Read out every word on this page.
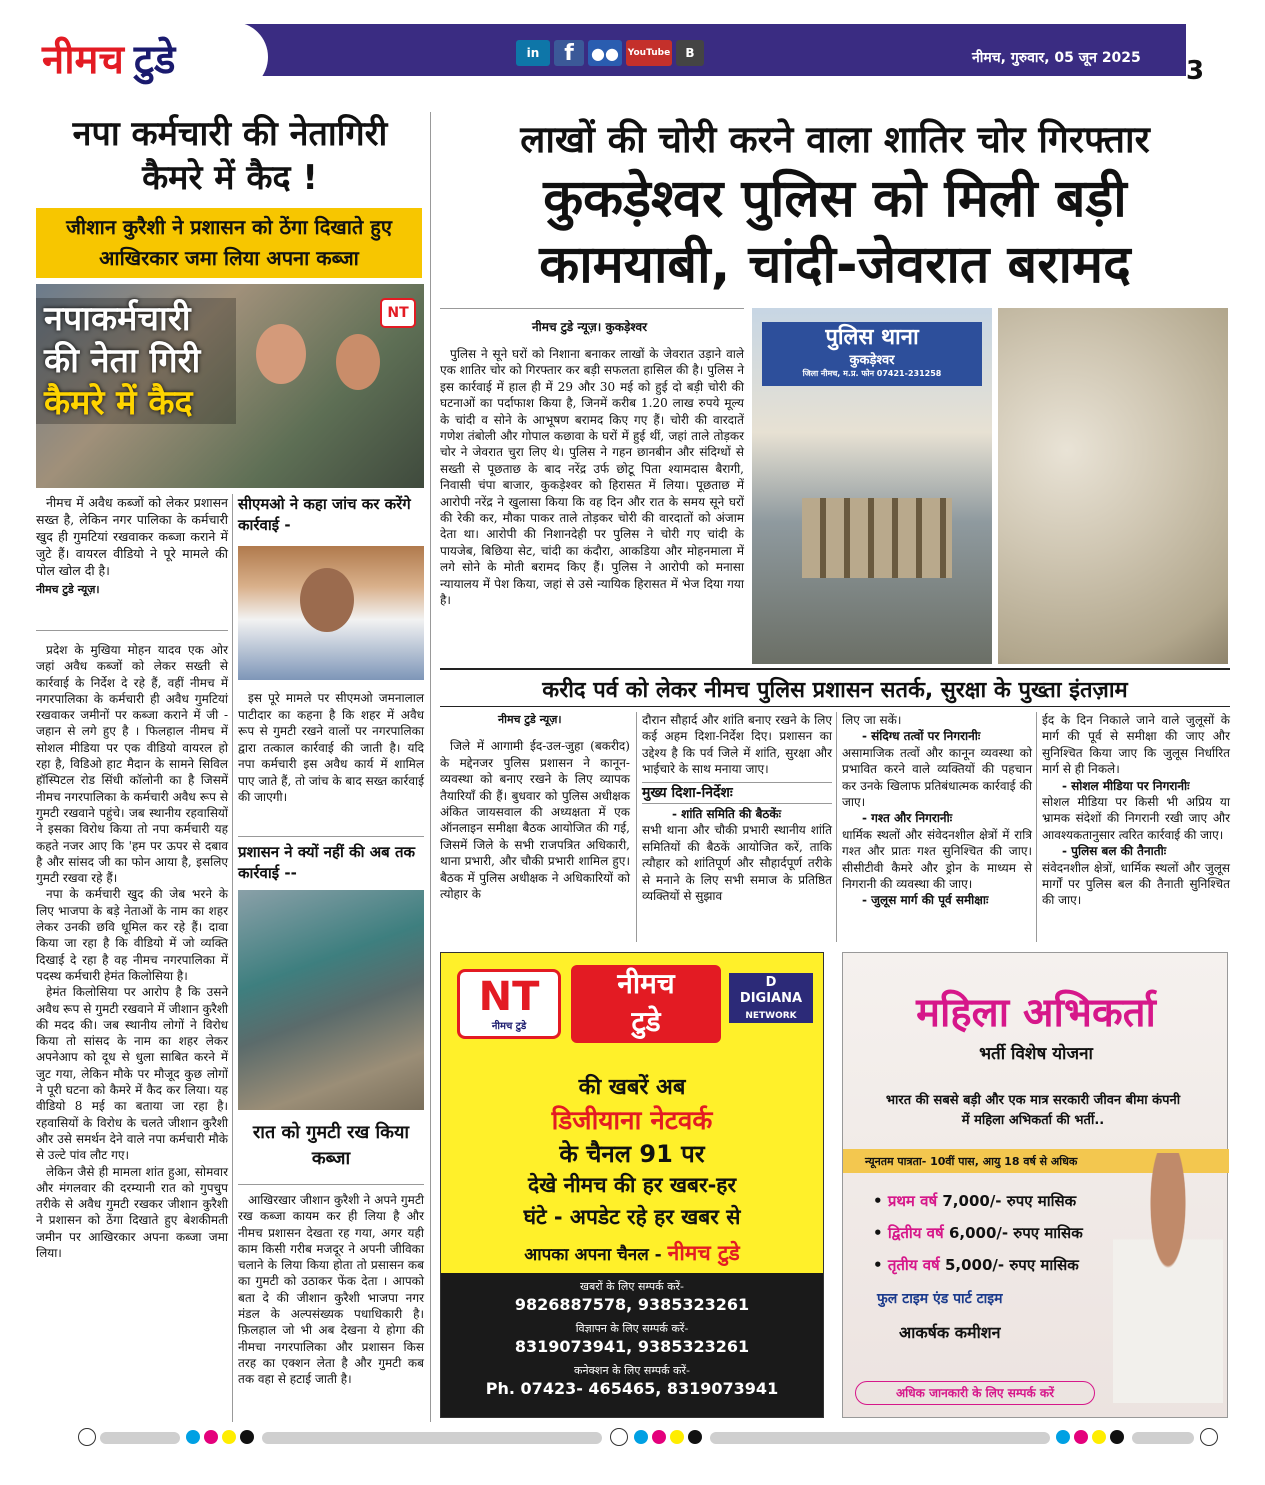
नीमच टुडे	in	f	●● YouTube	B	नीमच, गुरुवार, 05 जून 2025 3
नपा कर्मचारी की नेतागिरी कैमरे में कैद !
जीशान कुरैशी ने प्रशासन को ठेंगा दिखाते हुए आखिरकार जमा लिया अपना कब्जा
नपाकर्मचारी की नेता गिरी
कैमरे में कैद
NT

नीमच में अवैध कब्जों को लेकर प्रशासन सख्त है, लेकिन नगर पालिका के कर्मचारी खुद ही गुमटियां रखवाकर कब्जा कराने में जुटे हैं। वायरल वीडियो ने पूरे मामले की पोल खोल दी है।

नीमच टुडे न्यूज़।

प्रदेश के मुखिया मोहन यादव एक ओर जहां अवैध कब्जों को लेकर सख्ती से कार्रवाई के निर्देश दे रहे हैं, वहीं नीमच में नगरपालिका के कर्मचारी ही अवैध गुमटियां रखवाकर जमीनों पर कब्जा कराने में जी - जहान से लगे हुए है । फिलहाल नीमच में सोशल मीडिया पर एक वीडियो वायरल हो रहा है, विडिओ हाट मैदान के सामने सिविल हॉस्पिटल रोड सिंधी कॉलोनी का है जिसमें नीमच नगरपालिका के कर्मचारी अवैध रूप से गुमटी रखवाने पहुंचे। जब स्थानीय रहवासियों ने इसका विरोध किया तो नपा कर्मचारी यह कहते नजर आए कि 'हम पर ऊपर से दबाव है और सांसद जी का फोन आया है, इसलिए गुमटी रखवा रहे हैं।

नपा के कर्मचारी खुद की जेब भरने के लिए भाजपा के बड़े नेताओं के नाम का शहर लेकर उनकी छवि धूमिल कर रहे हैं। दावा किया जा रहा है कि वीडियो में जो व्यक्ति दिखाई दे रहा है वह नीमच नगरपालिका में पदस्थ कर्मचारी हेमंत किलोसिया है।

हेमंत किलोसिया पर आरोप है कि उसने अवैध रूप से गुमटी रखवाने में जीशान कुरैशी की मदद की। जब स्थानीय लोगों ने विरोध किया तो सांसद के नाम का शहर लेकर अपनेआप को दूध से धुला साबित करने में जुट गया, लेकिन मौके पर मौजूद कुछ लोगों ने पूरी घटना को कैमरे में कैद कर लिया। यह वीडियो 8 मई का बताया जा रहा है। रहवासियों के विरोध के चलते जीशान कुरैशी और उसे समर्थन देने वाले नपा कर्मचारी मौके से उल्टे पांव लौट गए।

लेकिन जैसे ही मामला शांत हुआ, सोमवार और मंगलवार की दरम्यानी रात को गुपचुप तरीके से अवैध गुमटी रखकर जीशान कुरैशी ने प्रशासन को ठेंगा दिखाते हुए बेशकीमती जमीन पर आखिरकार अपना कब्जा जमा लिया।

सीएमओ ने कहा जांच कर करेंगे कार्रवाई -

इस पूरे मामले पर सीएमओ जमनालाल पाटीदार का कहना है कि शहर में अवैध रूप से गुमटी रखने वालों पर नगरपालिका द्वारा तत्काल कार्रवाई की जाती है। यदि नपा कर्मचारी इस अवैध कार्य में शामिल पाए जाते हैं, तो जांच के बाद सख्त कार्रवाई की जाएगी।

प्रशासन ने क्यों नहीं की अब तक कार्रवाई --
रात को गुमटी रख किया कब्जा

आखिरखार जीशान कुरैशी ने अपने गुमटी रख कब्जा कायम कर ही लिया है और नीमच प्रशासन देखता रह गया, अगर यही काम किसी गरीब मजदूर ने अपनी जीविका चलाने के लिया किया होता तो प्रसासन कब का गुमटी को उठाकर फेंक देता । आपको बता दे की जीशान कुरैशी भाजपा नगर मंडल के अल्पसंख्यक पधाधिकारी है। फ़िलहाल जो भी अब देखना ये होगा की नीमचा नगरपालिका और प्रशासन किस तरह का एक्शन लेता है और गुमटी कब तक वहा से हटाई जाती है।

लाखों की चोरी करने वाला शातिर चोर गिरफ्तार
कुकड़ेश्वर पुलिस को मिली बड़ी कामयाबी, चांदी-जेवरात बरामद
नीमच टुडे न्यूज़। कुकड़ेश्वर

पुलिस ने सूने घरों को निशाना बनाकर लाखों के जेवरात उड़ाने वाले एक शातिर चोर को गिरफ्तार कर बड़ी सफलता हासिल की है। पुलिस ने इस कार्रवाई में हाल ही में 29 और 30 मई को हुई दो बड़ी चोरी की घटनाओं का पर्दाफाश किया है, जिनमें करीब 1.20 लाख रुपये मूल्य के चांदी व सोने के आभूषण बरामद किए गए हैं। चोरी की वारदातें गणेश तंबोली और गोपाल कछावा के घरों में हुई थीं, जहां ताले तोड़कर चोर ने जेवरात चुरा लिए थे। पुलिस ने गहन छानबीन और संदिग्धों से सख्ती से पूछताछ के बाद नरेंद्र उर्फ छोटू पिता श्यामदास बैरागी, निवासी चंपा बाजार, कुकड़ेश्वर को हिरासत में लिया। पूछताछ में आरोपी नरेंद्र ने खुलासा किया कि वह दिन और रात के समय सूने घरों की रेकी कर, मौका पाकर ताले तोड़कर चोरी की वारदातों को अंजाम देता था। आरोपी की निशानदेही पर पुलिस ने चोरी गए चांदी के पायजेब, बिछिया सेट, चांदी का कंदौरा, आकडिया और मोहनमाला में लगे सोने के मोती बरामद किए हैं। पुलिस ने आरोपी को मनासा न्यायालय में पेश किया, जहां से उसे न्यायिक हिरासत में भेज दिया गया है।

पुलिस थाना
कुकड़ेश्वर
जिला नीमच, म.प्र. फोन 07421-231258
करीद पर्व को लेकर नीमच पुलिस प्रशासन सतर्क, सुरक्षा के पुख्ता इंतज़ाम
नीमच टुडे न्यूज़।

जिले में आगामी ईद-उल-जुहा (बकरीद) के मद्देनजर पुलिस प्रशासन ने कानून-व्यवस्था को बनाए रखने के लिए व्यापक तैयारियाँ की हैं। बुधवार को पुलिस अधीक्षक अंकित जायसवाल की अध्यक्षता में एक ऑनलाइन समीक्षा बैठक आयोजित की गई, जिसमें जिले के सभी राजपत्रित अधिकारी, थाना प्रभारी, और चौकी प्रभारी शामिल हुए। बैठक में पुलिस अधीक्षक ने अधिकारियों को त्योहार के

दौरान सौहार्द और शांति बनाए रखने के लिए कई अहम दिशा-निर्देश दिए। प्रशासन का उद्देश्य है कि पर्व जिले में शांति, सुरक्षा और भाईचारे के साथ मनाया जाए।

मुख्य दिशा-निर्देशः
- शांति समिति की बैठकेंः

सभी थाना और चौकी प्रभारी स्थानीय शांति समितियों की बैठकें आयोजित करें, ताकि त्यौहार को शांतिपूर्ण और सौहार्दपूर्ण तरीके से मनाने के लिए सभी समाज के प्रतिष्ठित व्यक्तियों से सुझाव

लिए जा सकें।

- संदिग्ध तत्वों पर निगरानीः

असामाजिक तत्वों और कानून व्यवस्था को प्रभावित करने वाले व्यक्तियों की पहचान कर उनके खिलाफ प्रतिबंधात्मक कार्रवाई की जाए।

- गश्त और निगरानीः

धार्मिक स्थलों और संवेदनशील क्षेत्रों में रात्रि गश्त और प्रातः गश्त सुनिश्चित की जाए। सीसीटीवी कैमरे और ड्रोन के माध्यम से निगरानी की व्यवस्था की जाए।

- जुलूस मार्ग की पूर्व समीक्षाः

ईद के दिन निकाले जाने वाले जुलूसों के मार्ग की पूर्व से समीक्षा की जाए और सुनिश्चित किया जाए कि जुलूस निर्धारित मार्ग से ही निकले।

- सोशल मीडिया पर निगरानीः

सोशल मीडिया पर किसी भी अप्रिय या भ्रामक संदेशों की निगरानी रखी जाए और आवश्यकतानुसार त्वरित कार्रवाई की जाए।

- पुलिस बल की तैनातीः

संवेदनशील क्षेत्रों, धार्मिक स्थलों और जुलूस मार्गों पर पुलिस बल की तैनाती सुनिश्चित की जाए।

NT
नीमच टुडे
नीमच
टुडे
D
DIGIANA
NETWORK
की खबरें अब
डिजीयाना नेटवर्क
के चैनल 91 पर
देखे नीमच की हर खबर-हर
घंटे - अपडेट रहे हर खबर से
आपका अपना चैनल - नीमच टुडे
खबरों के लिए सम्पर्क करें-
9826887578, 9385323261
विज्ञापन के लिए सम्पर्क करें-
8319073941, 9385323261
कनेक्शन के लिए सम्पर्क करें-
Ph. 07423- 465465, 8319073941
महिला अभिकर्ता
भर्ती विशेष योजना
भारत की सबसे बड़ी और एक मात्र सरकारी जीवन बीमा कंपनी में महिला अभिकर्ता की भर्ती..
न्यूनतम पात्रता- 10वीं पास, आयु 18 वर्ष से अधिक
• प्रथम वर्ष 7,000/- रुपए मासिक
• द्वितीय वर्ष 6,000/- रुपए मासिक
• तृतीय वर्ष 5,000/- रुपए मासिक
फुल टाइम एंड पार्ट टाइम
आकर्षक कमीशन
अधिक जानकारी के लिए सम्पर्क करें
